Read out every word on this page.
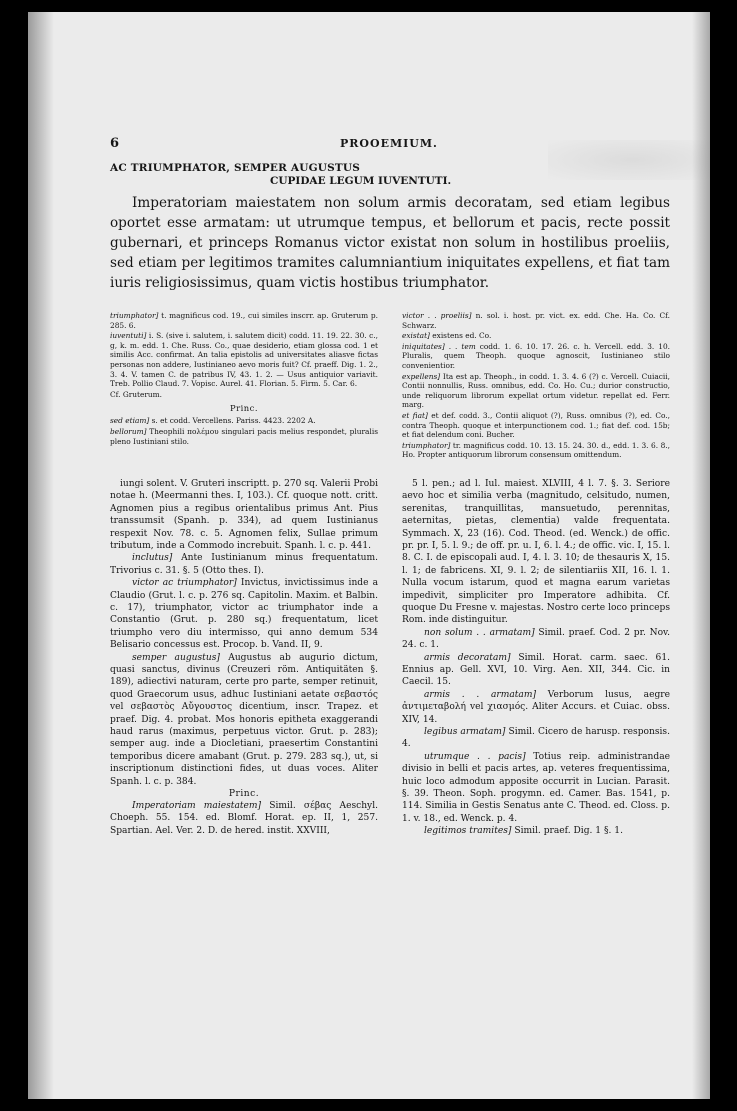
6	PROOEMIUM.
AC TRIUMPHATOR, SEMPER AUGUSTUS
CUPIDAE LEGUM IUVENTUTI.

Imperatoriam maiestatem non solum armis decoratam, sed etiam legibus oportet esse armatam: ut utrumque tempus, et bellorum et pacis, recte possit gubernari, et princeps Romanus victor existat non solum in hostilibus proeliis, sed etiam per legitimos tramites calumniantium iniquitates expellens, et fiat tam iuris religiosissimus, quam victis hostibus triumphator.

triumphator] t. magnificus cod. 19., cui similes inscrr. ap. Gruterum p. 285. 6.

iuventuti] i. S. (sive i. salutem, i. salutem dicit) codd. 11. 19. 22. 30. c., g, k. m. edd. 1. Che. Russ. Co., quae desiderio, etiam glossa cod. 1 et similis Acc. confirmat. An talia epistolis ad universitates aliasve fictas personas non addere, Iustinianeo aevo moris fuit? Cf. praeff. Dig. 1. 2., 3. 4. V. tamen C. de patribus IV, 43. 1. 2. — Usus antiquior variavit. Treb. Pollio Claud. 7. Vopisc. Aurel. 41. Florian. 5. Firm. 5. Car. 6.

Cf. Gruterum.

Princ.

sed etiam] s. et codd. Vercellens. Pariss. 4423. 2202 A.

bellorum] Theophili πολέμου singulari pacis melius respondet, pluralis pleno Iustiniani stilo.

victor . . proeliis] n. sol. i. host. pr. vict. ex. edd. Che. Ha. Co. Cf. Schwarz.

existat] existens ed. Co.

iniquitates] . . tem codd. 1. 6. 10. 17. 26. c. h. Vercell. edd. 3. 10. Pluralis, quem Theoph. quoque agnoscit, Iustinianeo stilo convenientior.

expellens] Ita est ap. Theoph., in codd. 1. 3. 4. 6 (?) c. Vercell. Cuiacii, Contii nonnullis, Russ. omnibus, edd. Co. Ho. Cu.; durior constructio, unde reliquorum librorum expellat ortum videtur. repellat ed. Ferr. marg.

et fiat] et def. codd. 3., Contii aliquot (?), Russ. omnibus (?), ed. Co., contra Theoph. quoque et interpunctionem cod. 1.; fiat def. cod. 15b; et fiat delendum coni. Bucher.

triumphator] tr. magnificus codd. 10. 13. 15. 24. 30. d., edd. 1. 3. 6. 8., Ho. Propter antiquorum librorum consensum omittendum.

iungi solent. V. Gruteri inscriptt. p. 270 sq. Valerii Probi notae h. (Meermanni thes. I, 103.). Cf. quoque nott. critt. Agnomen pius a regibus orientalibus primus Ant. Pius transsumsit (Spanh. p. 334), ad quem Iustinianus respexit Nov. 78. c. 5. Agnomen felix, Sullae primum tributum, inde a Commodo increbuit. Spanh. l. c. p. 441.

inclutus] Ante Iustinianum minus frequentatum. Trivorius c. 31. §. 5 (Otto thes. I).

victor ac triumphator] Invictus, invictissimus inde a Claudio (Grut. l. c. p. 276 sq. Capitolin. Maxim. et Balbin. c. 17), triumphator, victor ac triumphator inde a Constantio (Grut. p. 280 sq.) frequentatum, licet triumpho vero diu intermisso, qui anno demum 534 Belisario concessus est. Procop. b. Vand. II, 9.

semper augustus] Augustus ab augurio dictum, quasi sanctus, divinus (Creuzeri röm. Antiquitäten §. 189), adiectivi naturam, certe pro parte, semper retinuit, quod Graecorum usus, adhuc Iustiniani aetate σεβαστός vel σεβαστὸς Αὔγουστος dicentium, inscr. Trapez. et praef. Dig. 4. probat. Mos honoris epitheta exaggerandi haud rarus (maximus, perpetuus victor. Grut. p. 283); semper aug. inde a Diocletiani, praesertim Constantini temporibus dicere amabant (Grut. p. 279. 283 sq.), ut, si inscriptionum distinctioni fides, ut duas voces. Aliter Spanh. l. c. p. 384.

Princ.

Imperatoriam maiestatem] Simil. σέβας Aeschyl. Choeph. 55. 154. ed. Blomf. Horat. ep. II, 1, 257. Spartian. Ael. Ver. 2. D. de hered. instit. XXVIII,

5 l. pen.; ad l. Iul. maiest. XLVIII, 4 l. 7. §. 3. Seriore aevo hoc et similia verba (magnitudo, celsitudo, numen, serenitas, tranquillitas, mansuetudo, perennitas, aeternitas, pietas, clementia) valde frequentata. Symmach. X, 23 (16). Cod. Theod. (ed. Wenck.) de offic. pr. pr. I, 5. l. 9.; de off. pr. u. I, 6. l. 4.; de offic. vic. I, 15. l. 8. C. I. de episcopali aud. I, 4. l. 3. 10; de thesauris X, 15. l. 1; de fabricens. XI, 9. l. 2; de silentiariis XII, 16. l. 1. Nulla vocum istarum, quod et magna earum varietas impedivit, simpliciter pro Imperatore adhibita. Cf. quoque Du Fresne v. majestas. Nostro certe loco princeps Rom. inde distinguitur.

non solum . . armatam] Simil. praef. Cod. 2 pr. Nov. 24. c. 1.

armis decoratam] Simil. Horat. carm. saec. 61. Ennius ap. Gell. XVI, 10. Virg. Aen. XII, 344. Cic. in Caecil. 15.

armis . . armatam] Verborum lusus, aegre ἀντιμεταβολή vel χιασμός. Aliter Accurs. et Cuiac. obss. XIV, 14.

legibus armatam] Simil. Cicero de harusp. responsis. 4.

utrumque . . pacis] Totius reip. administrandae divisio in belli et pacis artes, ap. veteres frequentissima, huic loco admodum apposite occurrit in Lucian. Parasit. §. 39. Theon. Soph. progymn. ed. Camer. Bas. 1541, p. 114. Similia in Gestis Senatus ante C. Theod. ed. Closs. p. 1. v. 18., ed. Wenck. p. 4.

legitimos tramites] Simil. praef. Dig. 1 §. 1.
